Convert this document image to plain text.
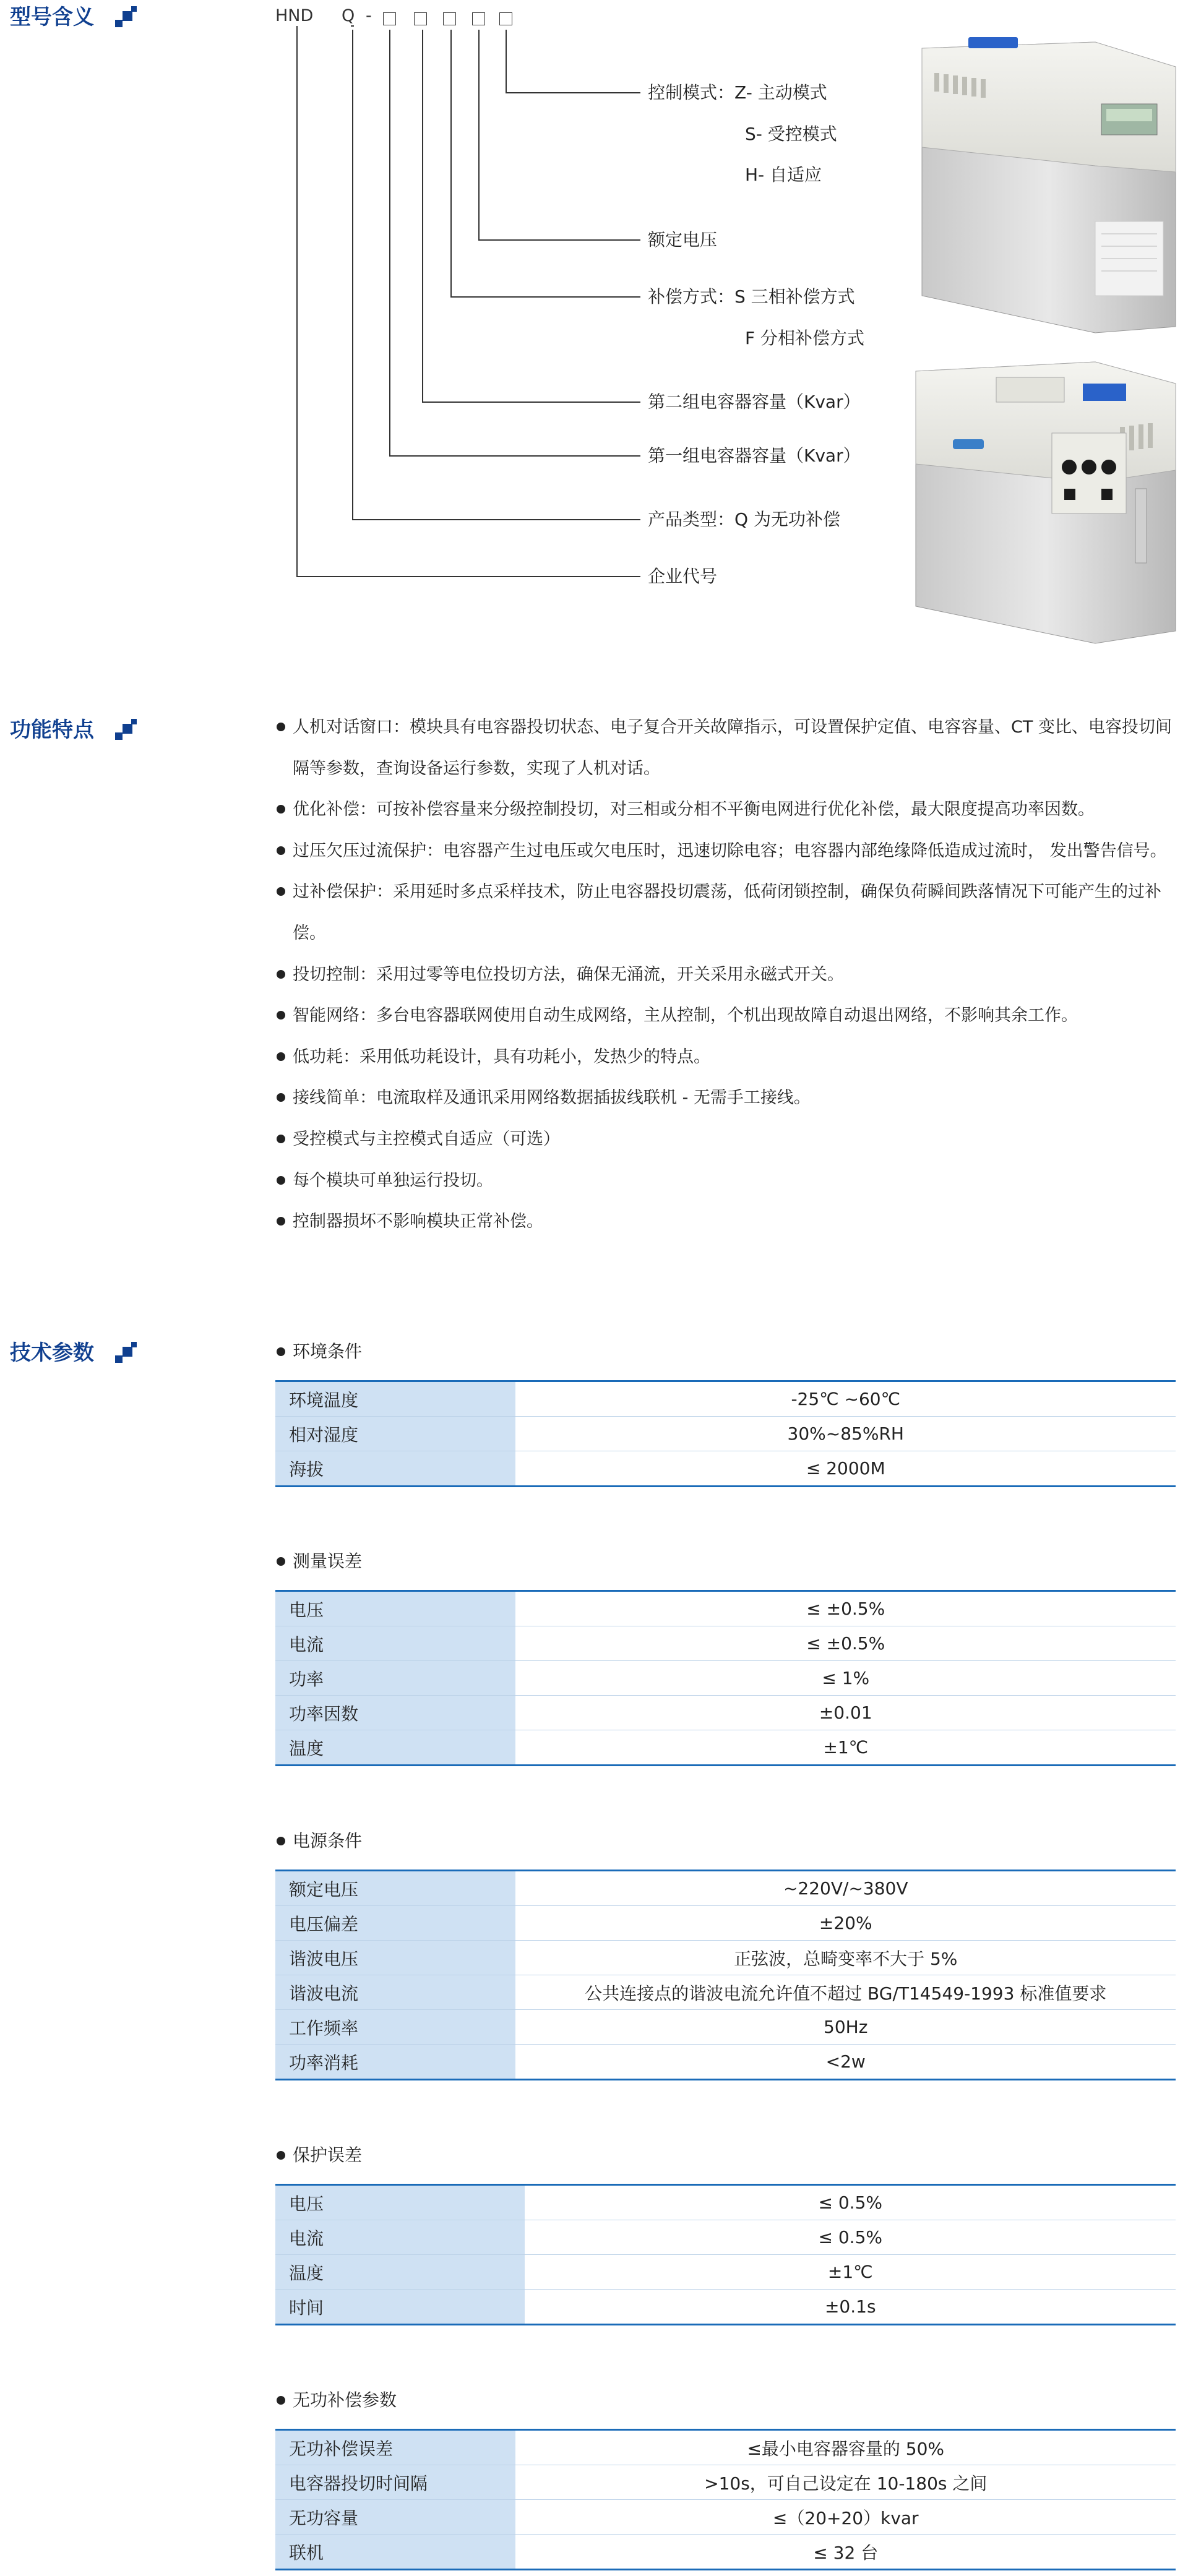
型号含义	HND Q -
控制模式：Z- 主动模式
S- 受控模式
H- 自适应
额定电压
补偿方式：S 三相补偿方式
F 分相补偿方式
第二组电容器容量（Kvar）
第一组电容器容量（Kvar）
产品类型：Q 为无功补偿
企业代号
功能特点	人机对话窗口：模块具有电容器投切状态、电子复合开关故障指示，可设置保护定值、电容容量、CT 变比、电容投切间隔等参数，查询设备运行参数，实现了人机对话。
优化补偿：可按补偿容量来分级控制投切，对三相或分相不平衡电网进行优化补偿，最大限度提高功率因数。
过压欠压过流保护：电容器产生过电压或欠电压时，迅速切除电容；电容器内部绝缘降低造成过流时， 发出警告信号。
过补偿保护：采用延时多点采样技术，防止电容器投切震荡，低荷闭锁控制，确保负荷瞬间跌落情况下可能产生的过补偿。
投切控制：采用过零等电位投切方法，确保无涌流，开关采用永磁式开关。
智能网络：多台电容器联网使用自动生成网络，主从控制，个机出现故障自动退出网络，不影响其余工作。
低功耗：采用低功耗设计，具有功耗小，发热少的特点。
接线简单：电流取样及通讯采用网络数据插拔线联机 - 无需手工接线。
受控模式与主控模式自适应（可选）
每个模块可单独运行投切。
控制器损坏不影响模块正常补偿。
技术参数	环境条件
环境温度	-25℃ ~60℃
相对湿度	30%~85%RH
海拔	≤ 2000M
测量误差
电压	≤ ±0.5%
电流	≤ ±0.5%
功率	≤ 1%
功率因数	±0.01
温度	±1℃
电源条件
额定电压	~220V/~380V
电压偏差	±20%
谐波电压	正弦波，总畸变率不大于 5%
谐波电流	公共连接点的谐波电流允许值不超过 BG/T14549-1993 标准值要求
工作频率	50Hz
功率消耗	<2w
保护误差
电压	≤ 0.5%
电流	≤ 0.5%
温度	±1℃
时间	±0.1s
无功补偿参数
无功补偿误差	≤最小电容器容量的 50%
电容器投切时间隔	>10s，可自己设定在 10-180s 之间
无功容量	≤（20+20）kvar
联机	≤ 32 台
